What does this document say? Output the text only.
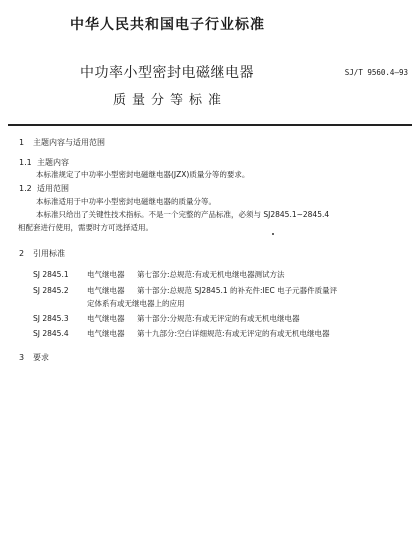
中华人民共和国电子行业标准
SJ/T 9560.4—93
中功率小型密封电磁继电器
质量分等标准
1 主题内容与适用范围
1.1 主题内容
本标准规定了中功率小型密封电磁继电器(JZX)质量分等的要求。
1.2 适用范围
本标准适用于中功率小型密封电磁继电器的质量分等。
本标准只给出了关键性技术指标。不是一个完整的产品标准，必须与 SJ2845.1~2845.4
相配套进行使用，需要时方可选择适用。
2 引用标准
SJ 2845.1 电气继电器 第七部分:总规范:有或无机电继电器测试方法
SJ 2845.2 电气继电器 第十部分:总规范 SJ2845.1 的补充件:IEC 电子元器件质量评
定体系有或无继电器上的应用
SJ 2845.3 电气继电器 第十部分:分规范:有或无评定的有或无机电继电器
SJ 2845.4 电气继电器 第十九部分:空白详细规范:有或无评定的有或无机电继电器
3 要求
